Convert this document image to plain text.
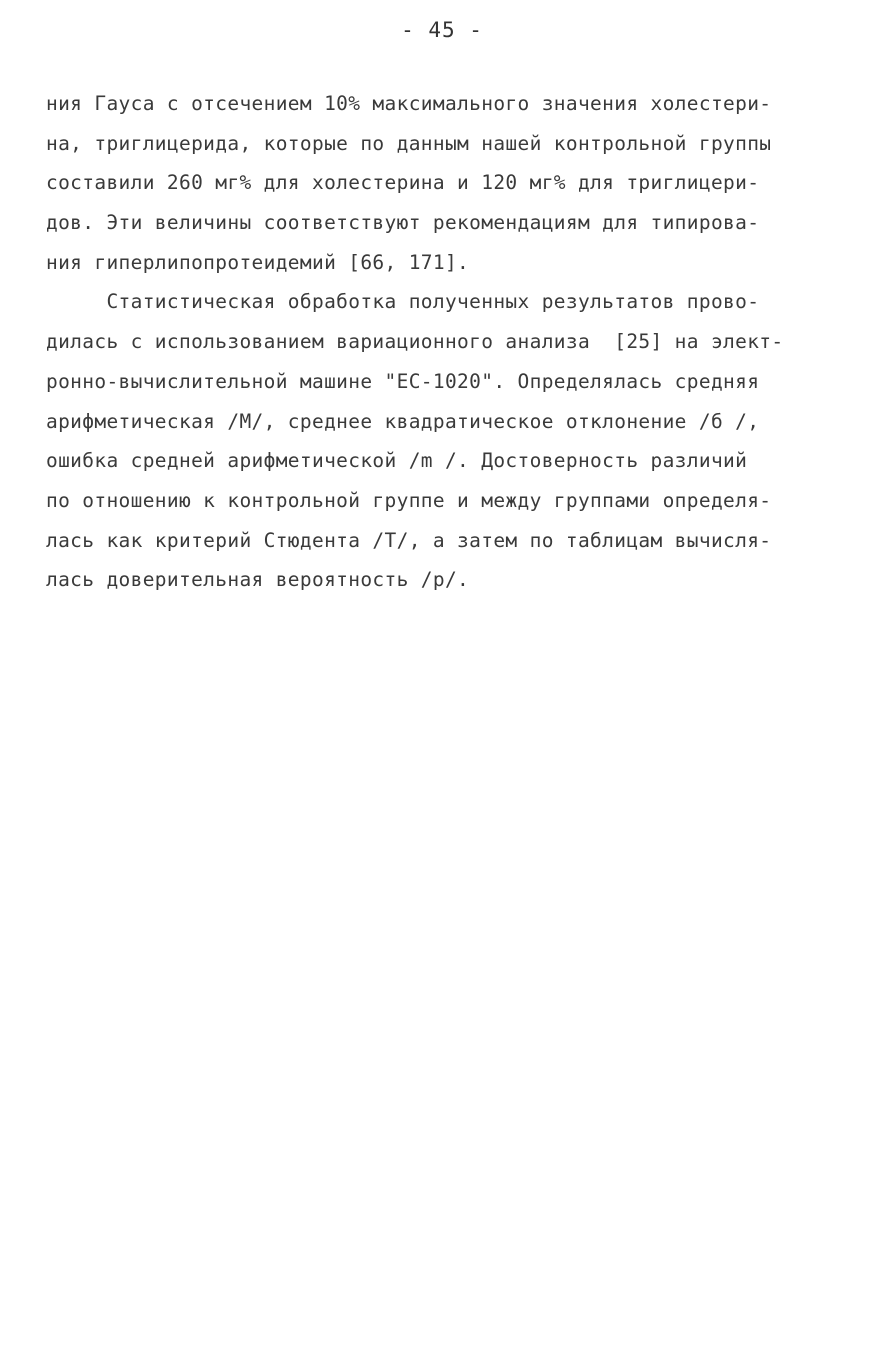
- 45 -
ния Гауса с отсечением 10% максимального значения холестери-
на, триглицерида, которые по данным нашей контрольной группы
составили 260 мг% для холестерина и 120 мг% для триглицери-
дов. Эти величины соответствуют рекомендациям для типирова-
ния гиперлипопротеидемий [66, 171].
Статистическая обработка полученных результатов прово-
дилась с использованием вариационного анализа  [25] на элект-
ронно-вычислительной машине "ЕС-1020". Определялась средняя
арифметическая /М/, среднее квадратическое отклонение /б /,
ошибка средней арифметической /m /. Достоверность различий
по отношению к контрольной группе и между группами определя-
лась как критерий Стюдента /Т/, а затем по таблицам вычисля-
лась доверительная вероятность /р/.
